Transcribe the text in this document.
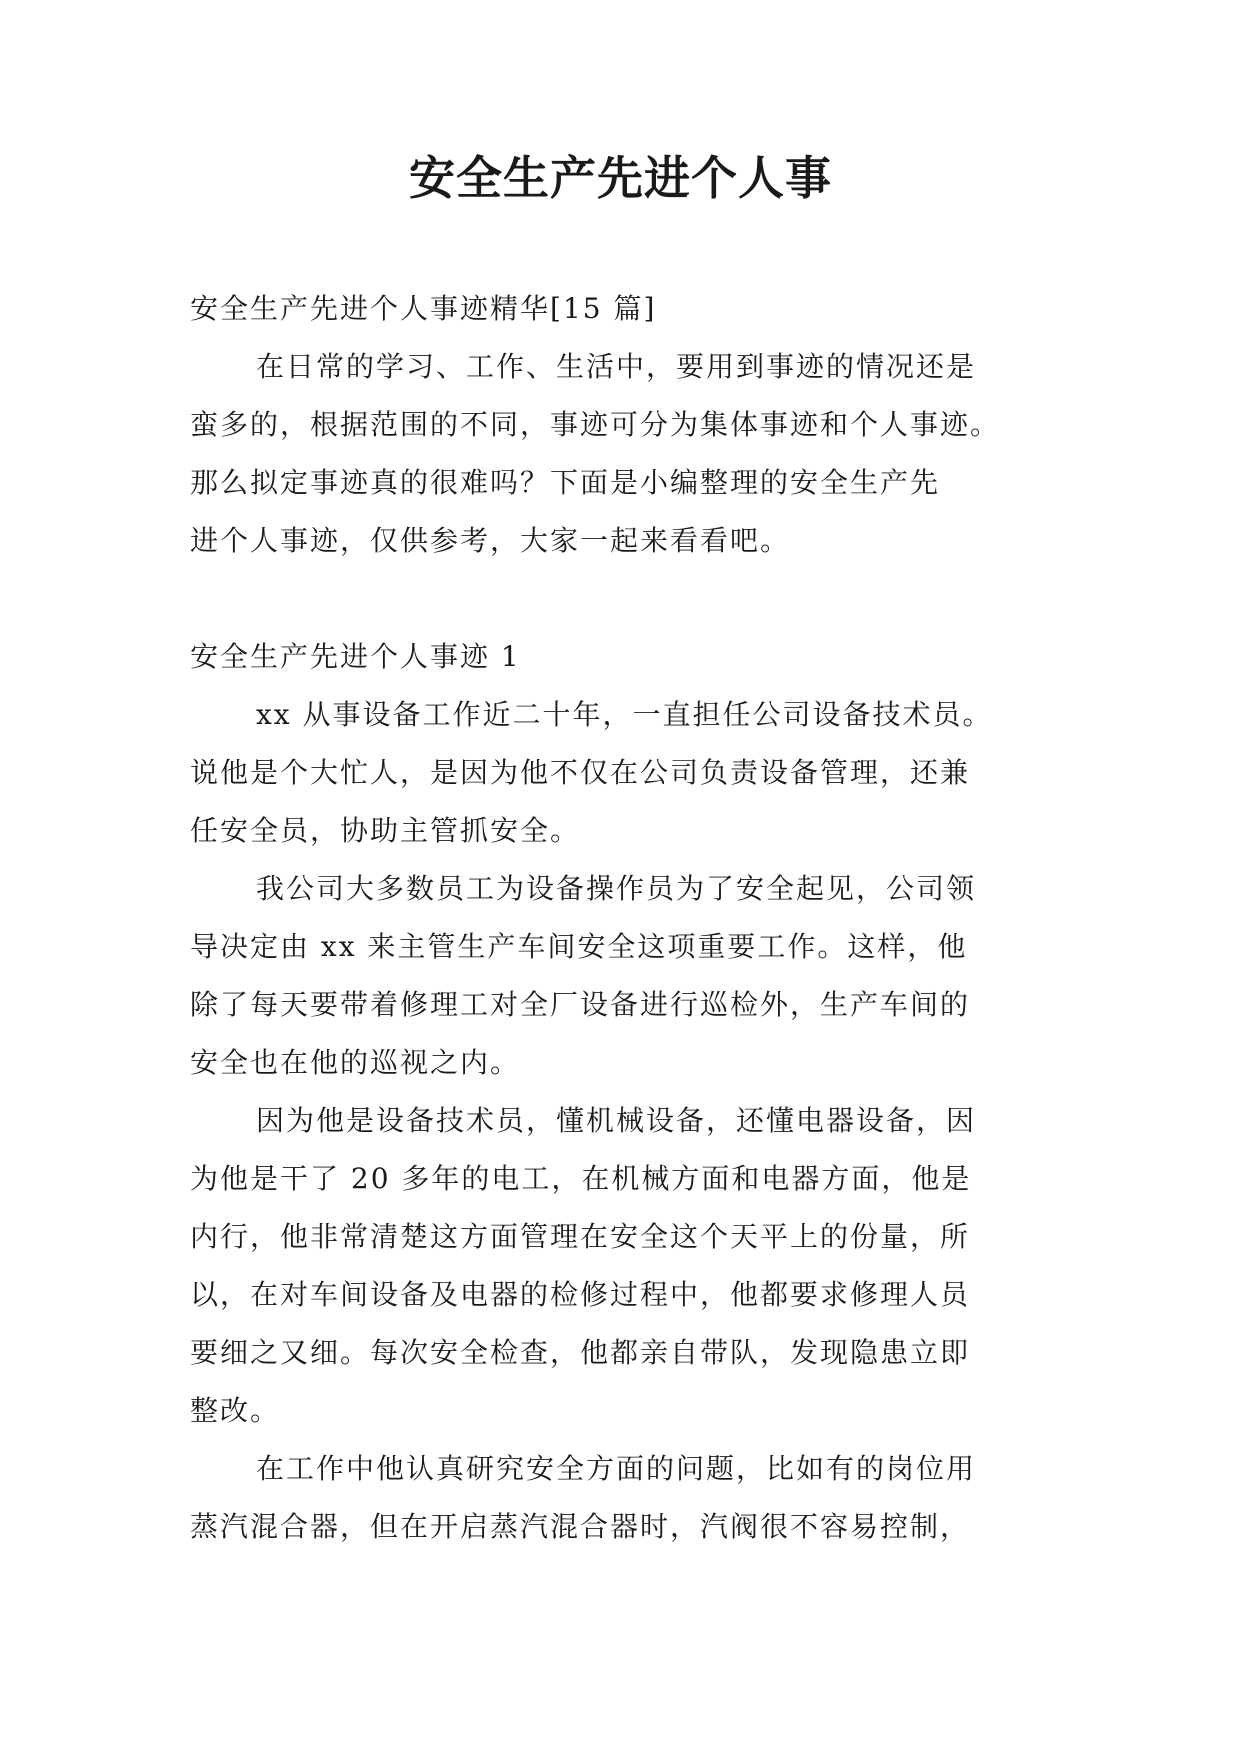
安全生产先进个人事
安全生产先进个人事迹精华[15 篇]
在日常的学习、工作、生活中，要用到事迹的情况还是
蛮多的，根据范围的不同，事迹可分为集体事迹和个人事迹。
那么拟定事迹真的很难吗？下面是小编整理的安全生产先
进个人事迹，仅供参考，大家一起来看看吧。
安全生产先进个人事迹 1
xx 从事设备工作近二十年，一直担任公司设备技术员。
说他是个大忙人，是因为他不仅在公司负责设备管理，还兼
任安全员，协助主管抓安全。
我公司大多数员工为设备操作员为了安全起见，公司领
导决定由 xx 来主管生产车间安全这项重要工作。这样，他
除了每天要带着修理工对全厂设备进行巡检外，生产车间的
安全也在他的巡视之内。
因为他是设备技术员，懂机械设备，还懂电器设备，因
为他是干了 20 多年的电工，在机械方面和电器方面，他是
内行，他非常清楚这方面管理在安全这个天平上的份量，所
以，在对车间设备及电器的检修过程中，他都要求修理人员
要细之又细。每次安全检查，他都亲自带队，发现隐患立即
整改。
在工作中他认真研究安全方面的问题，比如有的岗位用
蒸汽混合器，但在开启蒸汽混合器时，汽阀很不容易控制，
